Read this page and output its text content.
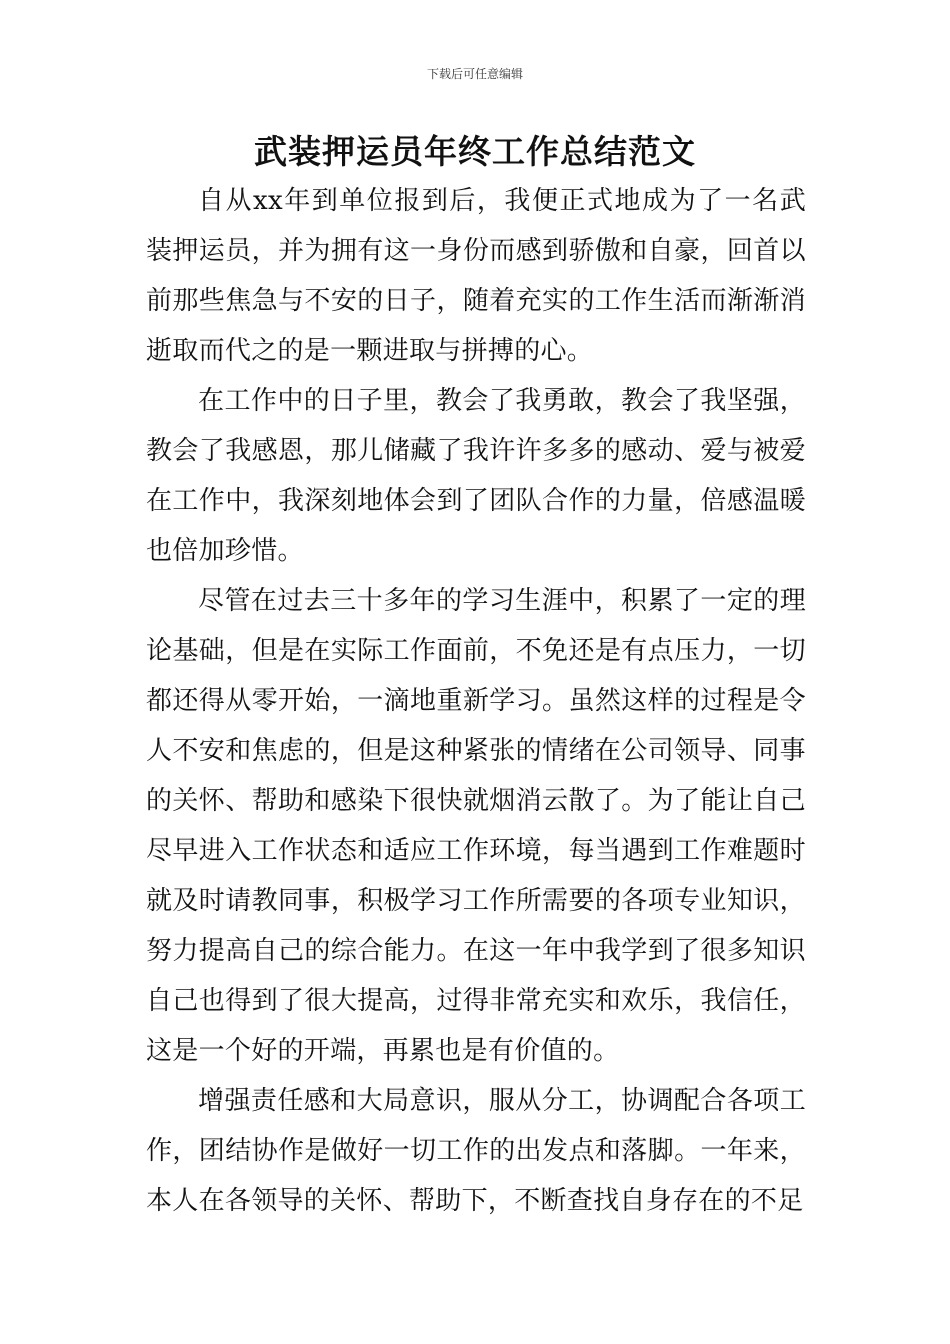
下载后可任意编辑
武装押运员年终工作总结范文

自从xx年到单位报到后，我便正式地成为了一名武装押运员，并为拥有这一身份而感到骄傲和自豪，回首以前那些焦急与不安的日子，随着充实的工作生活而渐渐消逝取而代之的是一颗进取与拼搏的心。

在工作中的日子里，教会了我勇敢，教会了我坚强，教会了我感恩，那儿储藏了我许许多多的感动、爱与被爱在工作中，我深刻地体会到了团队合作的力量，倍感温暖也倍加珍惜。

尽管在过去三十多年的学习生涯中，积累了一定的理论基础，但是在实际工作面前，不免还是有点压力，一切都还得从零开始，一滴地重新学习。虽然这样的过程是令人不安和焦虑的，但是这种紧张的情绪在公司领导、同事的关怀、帮助和感染下很快就烟消云散了。为了能让自己尽早进入工作状态和适应工作环境，每当遇到工作难题时就及时请教同事，积极学习工作所需要的各项专业知识，努力提高自己的综合能力。在这一年中我学到了很多知识自己也得到了很大提高，过得非常充实和欢乐，我信任，这是一个好的开端，再累也是有价值的。

增强责任感和大局意识，服从分工，协调配合各项工作，团结协作是做好一切工作的出发点和落脚。一年来，本人在各领导的关怀、帮助下，不断查找自身存在的不足
